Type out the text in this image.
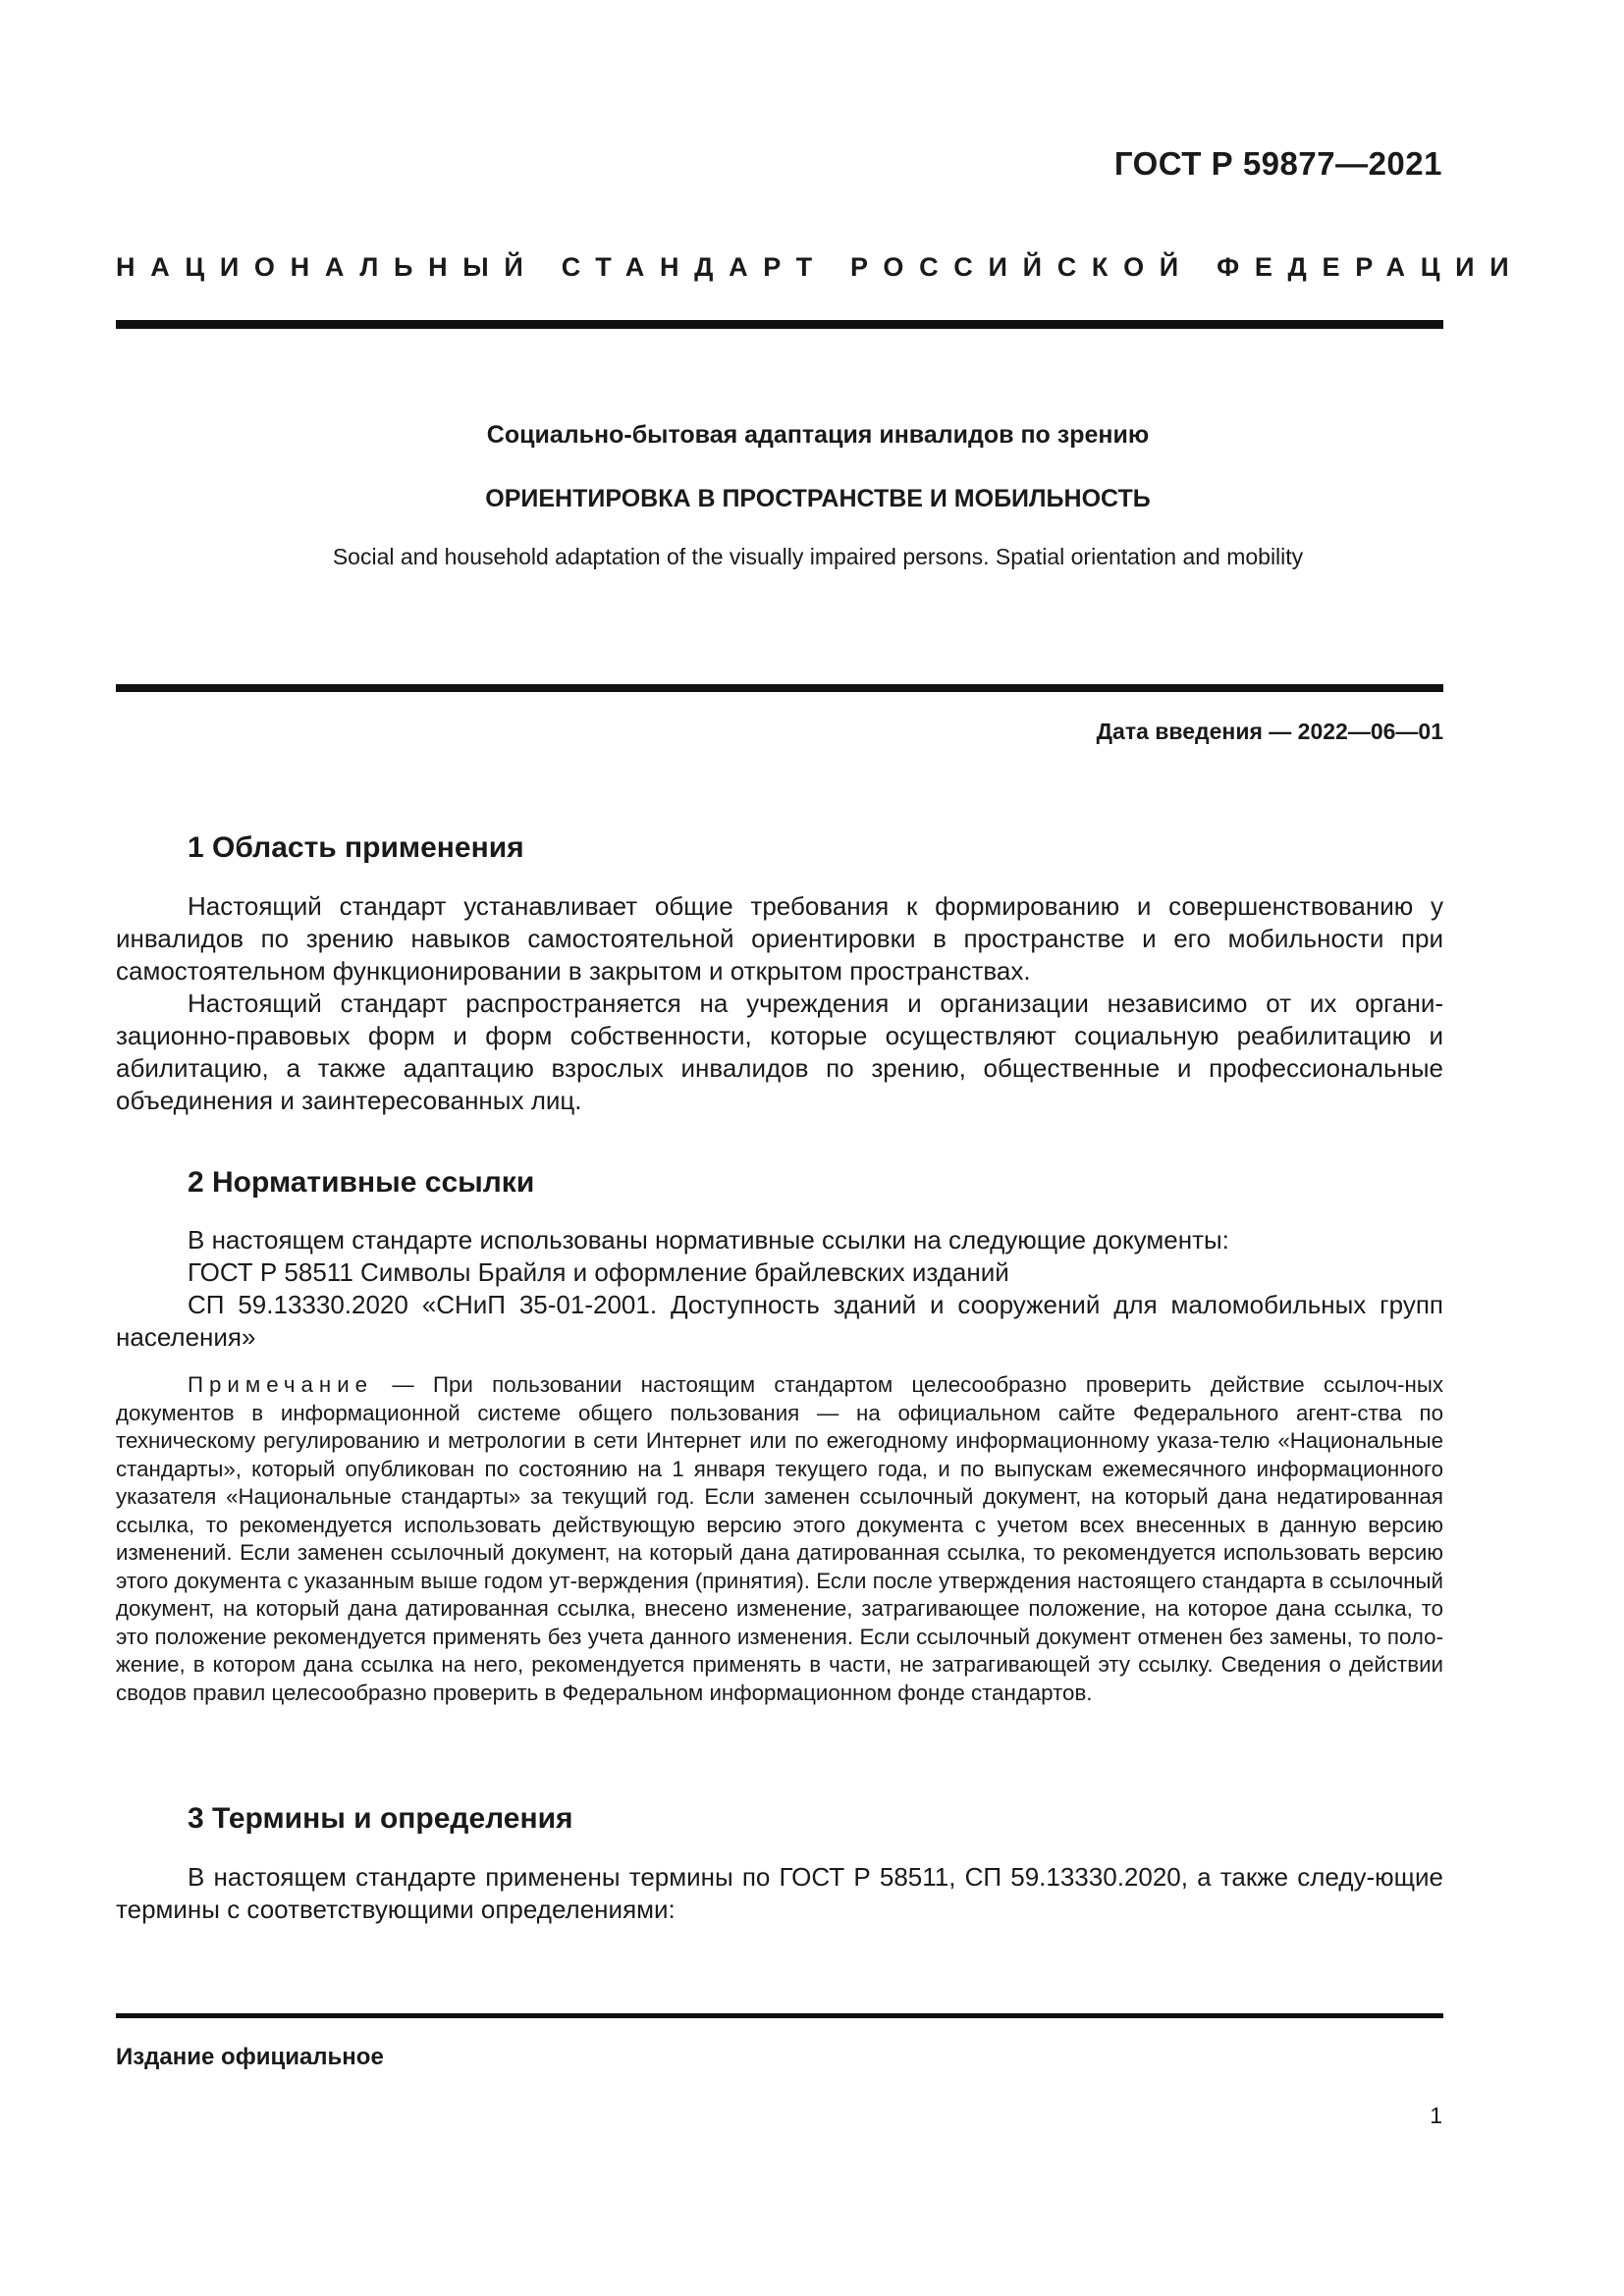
ГОСТ Р 59877—2021
НАЦИОНАЛЬНЫЙ СТАНДАРТ РОССИЙСКОЙ ФЕДЕРАЦИИ
Социально-бытовая адаптация инвалидов по зрению
ОРИЕНТИРОВКА В ПРОСТРАНСТВЕ И МОБИЛЬНОСТЬ
Social and household adaptation of the visually impaired persons. Spatial orientation and mobility
Дата введения — 2022—06—01
1 Область применения

Настоящий стандарт устанавливает общие требования к формированию и совершенствованию у инвалидов по зрению навыков самостоятельной ориентировки в пространстве и его мобильности при самостоятельном функционировании в закрытом и открытом пространствах.

Настоящий стандарт распространяется на учреждения и организации независимо от их органи-зационно-правовых форм и форм собственности, которые осуществляют социальную реабилитацию и абилитацию, а также адаптацию взрослых инвалидов по зрению, общественные и профессиональные объединения и заинтересованных лиц.

2 Нормативные ссылки

В настоящем стандарте использованы нормативные ссылки на следующие документы:

ГОСТ Р 58511 Символы Брайля и оформление брайлевских изданий

СП 59.13330.2020 «СНиП 35-01-2001. Доступность зданий и сооружений для маломобильных групп населения»

Примечание — При пользовании настоящим стандартом целесообразно проверить действие ссылоч-ных документов в информационной системе общего пользования — на официальном сайте Федерального агент-ства по техническому регулированию и метрологии в сети Интернет или по ежегодному информационному указа-телю «Национальные стандарты», который опубликован по состоянию на 1 января текущего года, и по выпускам ежемесячного информационного указателя «Национальные стандарты» за текущий год. Если заменен ссылочный документ, на который дана недатированная ссылка, то рекомендуется использовать действующую версию этого документа с учетом всех внесенных в данную версию изменений. Если заменен ссылочный документ, на который дана датированная ссылка, то рекомендуется использовать версию этого документа с указанным выше годом ут-верждения (принятия). Если после утверждения настоящего стандарта в ссылочный документ, на который дана датированная ссылка, внесено изменение, затрагивающее положение, на которое дана ссылка, то это положение рекомендуется применять без учета данного изменения. Если ссылочный документ отменен без замены, то поло-жение, в котором дана ссылка на него, рекомендуется применять в части, не затрагивающей эту ссылку. Сведения о действии сводов правил целесообразно проверить в Федеральном информационном фонде стандартов.

3 Термины и определения

В настоящем стандарте применены термины по ГОСТ Р 58511, СП 59.13330.2020, а также следу-ющие термины с соответствующими определениями:

Издание официальное
1
